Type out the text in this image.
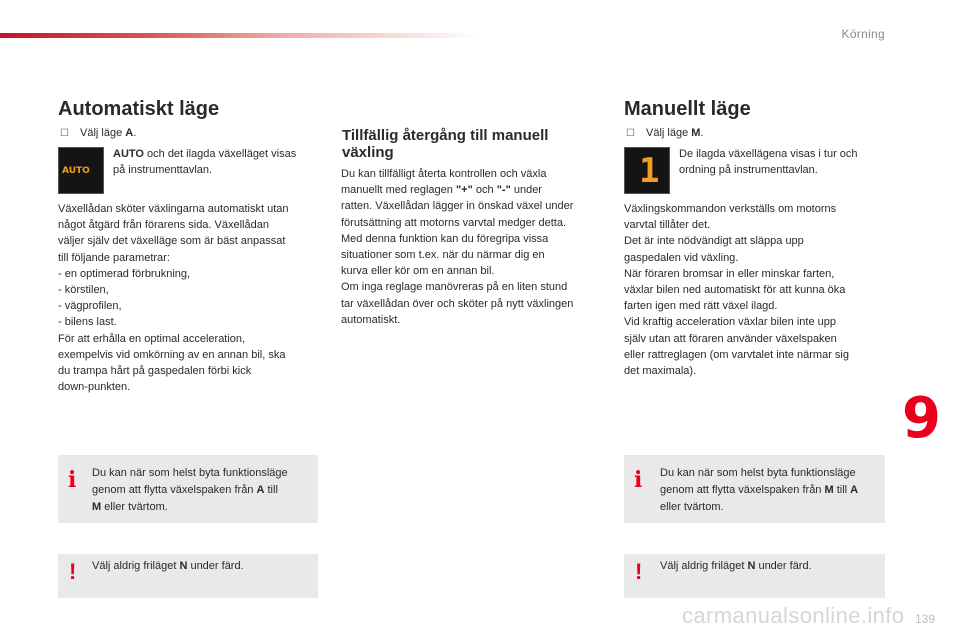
Körning
Automatiskt läge
☐ Välj läge A.
AUTO
AUTO och det ilagda växelläget visas
på instrumenttavlan.
Växellådan sköter växlingarna automatiskt utan
något åtgärd från förarens sida. Växellådan
väljer själv det växelläge som är bäst anpassat
till följande parametrar:
- en optimerad förbrukning,
- körstilen,
- vägprofilen,
- bilens last.
För att erhålla en optimal acceleration,
exempelvis vid omkörning av en annan bil, ska
du trampa hårt på gaspedalen förbi kick
down-punkten.
i Du kan när som helst byta funktionsläge
genom att flytta växelspaken från A till
M eller tvärtom.
! Välj aldrig friläget N under färd.
Tillfällig återgång till manuell
växling
Du kan tillfälligt återta kontrollen och växla
manuellt med reglagen "+" och "-" under
ratten. Växellådan lägger in önskad växel under
förutsättning att motorns varvtal medger detta.
Med denna funktion kan du föregripa vissa
situationer som t.ex. när du närmar dig en
kurva eller kör om en annan bil.
Om inga reglage manövreras på en liten stund
tar växellådan över och sköter på nytt växlingen
automatiskt.
Manuellt läge
☐ Välj läge M.
1 De ilagda växellägena visas i tur och
ordning på instrumenttavlan.
Växlingskommandon verkställs om motorns
varvtal tillåter det.
Det är inte nödvändigt att släppa upp
gaspedalen vid växling.
När föraren bromsar in eller minskar farten,
växlar bilen ned automatiskt för att kunna öka
farten igen med rätt växel ilagd.
Vid kraftig acceleration växlar bilen inte upp
själv utan att föraren använder växelspaken
eller rattreglagen (om varvtalet inte närmar sig
det maximala).
i Du kan när som helst byta funktionsläge
genom att flytta växelspaken från M till A
eller tvärtom.
! Välj aldrig friläget N under färd.
9
carmanualsonline.info 139
